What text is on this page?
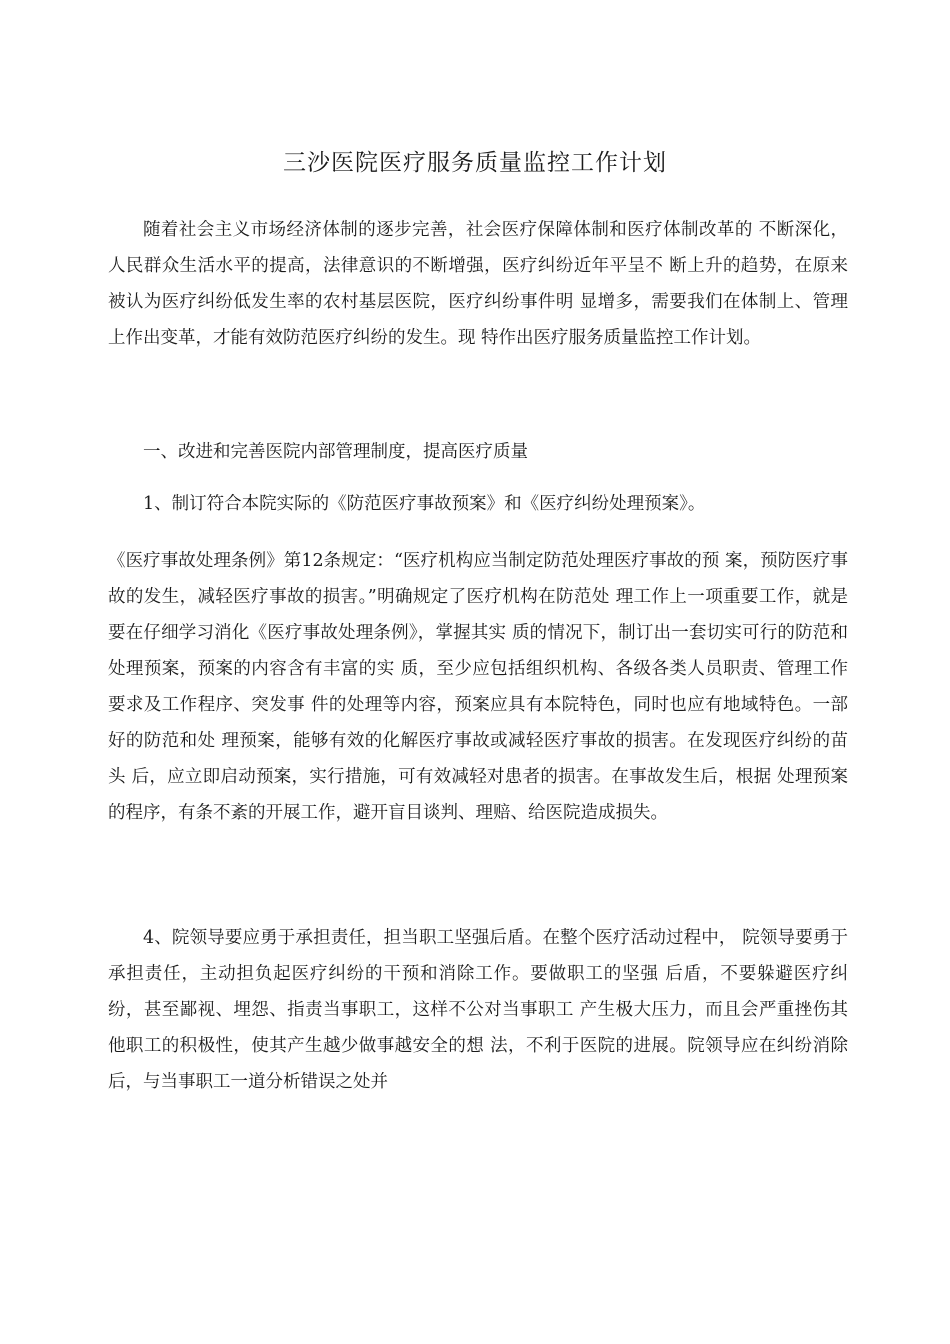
三沙医院医疗服务质量监控工作计划

随着社会主义市场经济体制的逐步完善，社会医疗保障体制和医疗体制改革的 不断深化，人民群众生活水平的提高，法律意识的不断增强，医疗纠纷近年平呈不 断上升的趋势，在原来被认为医疗纠纷低发生率的农村基层医院，医疗纠纷事件明 显增多，需要我们在体制上、管理上作出变革，才能有效防范医疗纠纷的发生。现 特作出医疗服务质量监控工作计划。

一、改进和完善医院内部管理制度，提高医疗质量

1、制订符合本院实际的《防范医疗事故预案》和《医疗纠纷处理预案》。

《医疗事故处理条例》第12条规定：“医疗机构应当制定防范处理医疗事故的预 案，预防医疗事故的发生，减轻医疗事故的损害。”明确规定了医疗机构在防范处 理工作上一项重要工作，就是要在仔细学习消化《医疗事故处理条例》，掌握其实 质的情况下，制订出一套切实可行的防范和处理预案，预案的内容含有丰富的实 质，至少应包括组织机构、各级各类人员职责、管理工作要求及工作程序、突发事 件的处理等内容，预案应具有本院特色，同时也应有地域特色。一部好的防范和处 理预案，能够有效的化解医疗事故或减轻医疗事故的损害。在发现医疗纠纷的苗头 后，应立即启动预案，实行措施，可有效减轻对患者的损害。在事故发生后，根据 处理预案的程序，有条不紊的开展工作，避开盲目谈判、理赔、给医院造成损失。

4、院领导要应勇于承担责任，担当职工坚强后盾。在整个医疗活动过程中， 院领导要勇于承担责任，主动担负起医疗纠纷的干预和消除工作。要做职工的坚强 后盾，不要躲避医疗纠纷，甚至鄙视、埋怨、指责当事职工，这样不公对当事职工 产生极大压力，而且会严重挫伤其他职工的积极性，使其产生越少做事越安全的想 法，不利于医院的进展。院领导应在纠纷消除后，与当事职工一道分析错误之处并
